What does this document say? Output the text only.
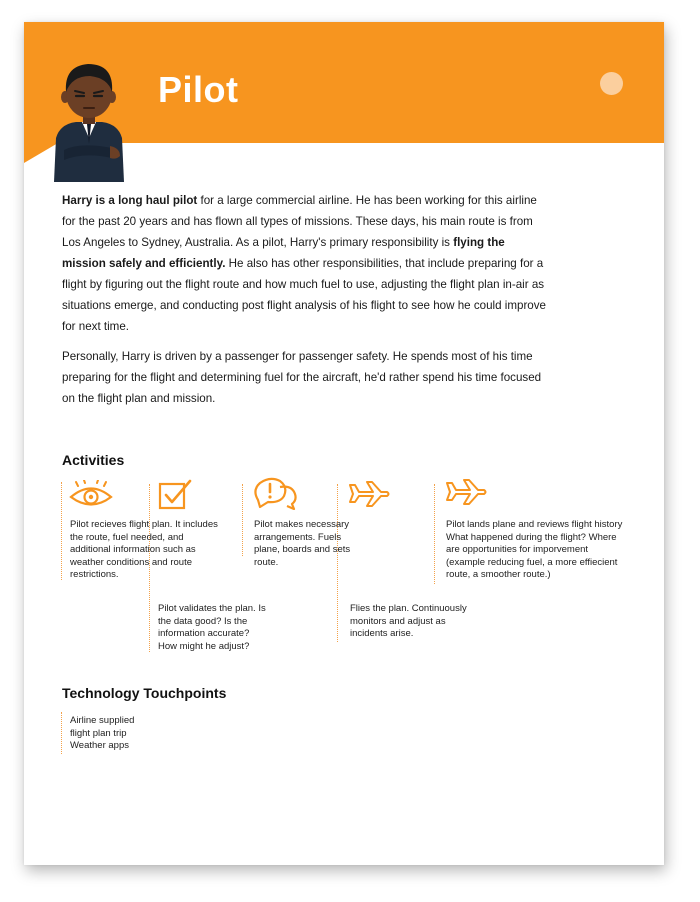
Pilot

Harry is a long haul pilot for a large commercial airline. He has been working for this airline for the past 20 years and has flown all types of missions. These days, his main route is from Los Angeles to Sydney, Australia. As a pilot, Harry's primary responsibility is flying the mission safely and efficiently. He also has other responsibilities, that include preparing for a flight by figuring out the flight route and how much fuel to use, adjusting the flight plan in-air as situations emerge, and conducting post flight analysis of his flight to see how he could improve for next time.

Personally, Harry is driven by a passenger for passenger safety. He spends most of his time preparing for the flight and determining fuel for the aircraft, he'd rather spend his time focused on the flight plan and mission.

Activities
Pilot recieves flight plan. It includes the route, fuel needed, and additional information such as weather conditions and route restrictions.
Pilot validates the plan. Is the data good? Is the information accurate? How might he adjust?
Pilot makes necessary arrangements. Fuels plane, boards and sets route.
Flies the plan. Continuously monitors and adjust as incidents arise.
Pilot lands plane and reviews flight history What happened during the flight? Where are opportunities for imporvement (example reducing fuel, a more effiecient route, a smoother route.)
Technology Touchpoints
Airline supplied
flight plan trip
Weather apps
